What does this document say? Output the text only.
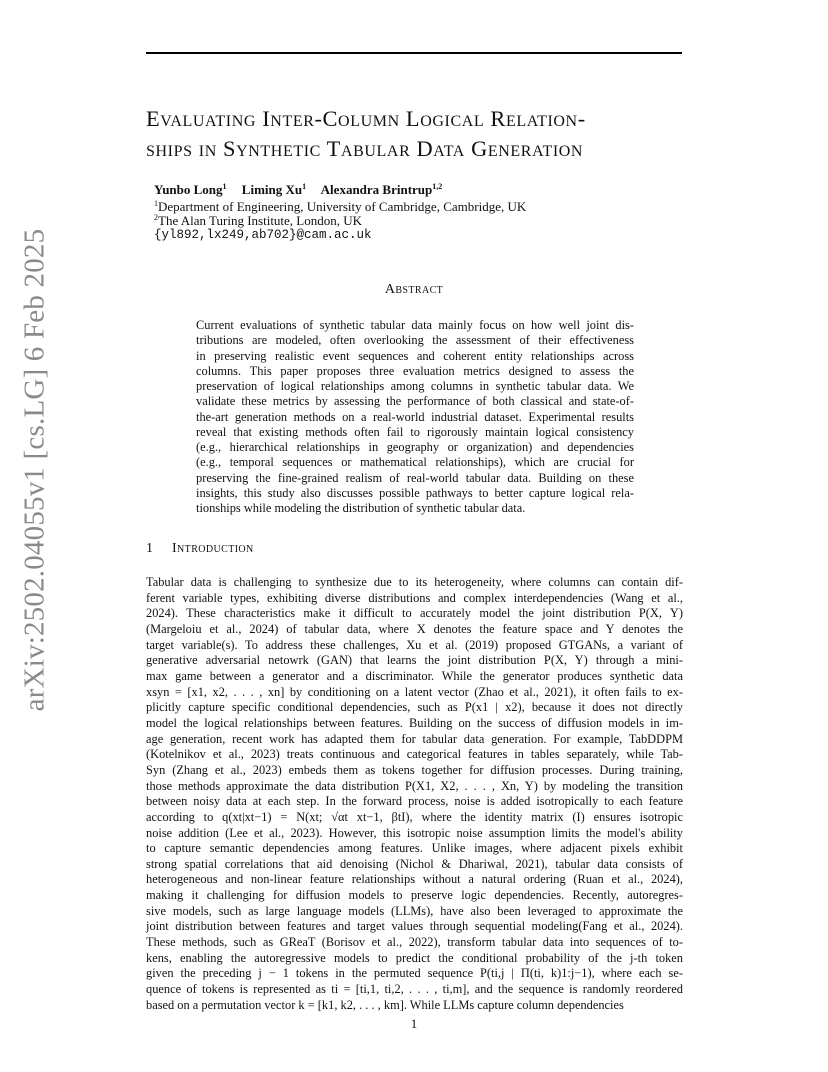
arXiv:2502.04055v1 [cs.LG] 6 Feb 2025
Evaluating Inter-Column Logical Relation-
ships in Synthetic Tabular Data Generation
Yunbo Long$^1$ Liming Xu$^1$ Alexandra Brintrup$^{1,2}$
$^1$Department of Engineering, University of Cambridge, Cambridge, UK
$^2$The Alan Turing Institute, London, UK
{yl892,lx249,ab702}@cam.ac.uk
Abstract
Current evaluations of synthetic tabular data mainly focus on how well joint dis-
tributions are modeled, often overlooking the assessment of their effectiveness
in preserving realistic event sequences and coherent entity relationships across
columns. This paper proposes three evaluation metrics designed to assess the
preservation of logical relationships among columns in synthetic tabular data. We
validate these metrics by assessing the performance of both classical and state-of-
the-art generation methods on a real-world industrial dataset. Experimental results
reveal that existing methods often fail to rigorously maintain logical consistency
(e.g., hierarchical relationships in geography or organization) and dependencies
(e.g., temporal sequences or mathematical relationships), which are crucial for
preserving the fine-grained realism of real-world tabular data. Building on these
insights, this study also discusses possible pathways to better capture logical rela-
tionships while modeling the distribution of synthetic tabular data.
1 Introduction
Tabular data is challenging to synthesize due to its heterogeneity, where columns can contain dif-
ferent variable types, exhibiting diverse distributions and complex interdependencies (Wang et al.,
2024). These characteristics make it difficult to accurately model the joint distribution P(X, Y)
(Margeloiu et al., 2024) of tabular data, where X denotes the feature space and Y denotes the
target variable(s). To address these challenges, Xu et al. (2019) proposed GTGANs, a variant of
generative adversarial netowrk (GAN) that learns the joint distribution P(X, Y) through a mini-
max game between a generator and a discriminator. While the generator produces synthetic data
xsyn = [x1, x2, . . . , xn] by conditioning on a latent vector (Zhao et al., 2021), it often fails to ex-
plicitly capture specific conditional dependencies, such as P(x1 | x2), because it does not directly
model the logical relationships between features. Building on the success of diffusion models in im-
age generation, recent work has adapted them for tabular data generation. For example, TabDDPM
(Kotelnikov et al., 2023) treats continuous and categorical features in tables separately, while Tab-
Syn (Zhang et al., 2023) embeds them as tokens together for diffusion processes. During training,
those methods approximate the data distribution P(X1, X2, . . . , Xn, Y) by modeling the transition
between noisy data at each step. In the forward process, noise is added isotropically to each feature
according to q(xt|xt−1) = N(xt; √αt xt−1, βtI), where the identity matrix (I) ensures isotropic
noise addition (Lee et al., 2023). However, this isotropic noise assumption limits the model's ability
to capture semantic dependencies among features. Unlike images, where adjacent pixels exhibit
strong spatial correlations that aid denoising (Nichol & Dhariwal, 2021), tabular data consists of
heterogeneous and non-linear feature relationships without a natural ordering (Ruan et al., 2024),
making it challenging for diffusion models to preserve logic dependencies. Recently, autoregres-
sive models, such as large language models (LLMs), have also been leveraged to approximate the
joint distribution between features and target values through sequential modeling(Fang et al., 2024).
These methods, such as GReaT (Borisov et al., 2022), transform tabular data into sequences of to-
kens, enabling the autoregressive models to predict the conditional probability of the j-th token
given the preceding j − 1 tokens in the permuted sequence P(ti,j | Π(ti, k)1:j−1), where each se-
quence of tokens is represented as ti = [ti,1, ti,2, . . . , ti,m], and the sequence is randomly reordered
based on a permutation vector k = [k1, k2, . . . , km]. While LLMs capture column dependencies
1
